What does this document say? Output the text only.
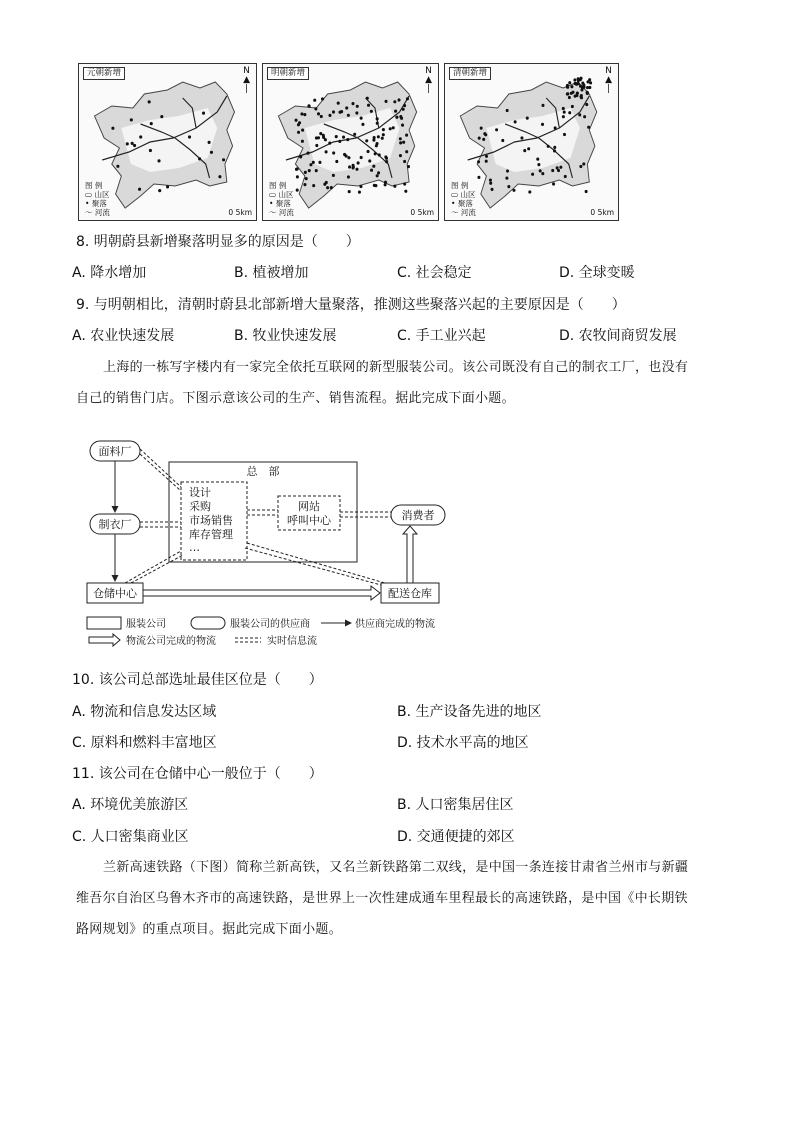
元朝新增	N
▲
|
图 例
▭ 山区
• 聚落
〜 河流	0 5km
明朝新增	N
▲
|
图 例
▭ 山区
• 聚落
〜 河流	0 5km
清朝新增	N
▲
|
图 例
▭ 山区
• 聚落
〜 河流	0 5km
8. 明朝蔚县新增聚落明显多的原因是（　　）
A. 降水增加	B. 植被增加	C. 社会稳定	D. 全球变暖
9. 与明朝相比，清朝时蔚县北部新增大量聚落，推测这些聚落兴起的主要原因是（　　）
A. 农业快速发展	B. 牧业快速发展	C. 手工业兴起	D. 农牧间商贸发展
上海的一栋写字楼内有一家完全依托互联网的新型服装公司。该公司既没有自己的制衣工厂，也没有
自己的销售门店。下图示意该公司的生产、销售流程。据此完成下面小题。
总　部
设计
采购
市场销售
库存管理
…
网站
呼叫中心
面料厂
制衣厂
消费者
仓储中心	配送仓库
服装公司	服装公司的供应商	供应商完成的物流
物流公司完成的物流	实时信息流
10. 该公司总部选址最佳区位是（　　）
A. 物流和信息发达区域	B. 生产设备先进的地区
C. 原料和燃料丰富地区	D. 技术水平高的地区
11. 该公司在仓储中心一般位于（　　）
A. 环境优美旅游区	B. 人口密集居住区
C. 人口密集商业区	D. 交通便捷的郊区
兰新高速铁路（下图）简称兰新高铁，又名兰新铁路第二双线，是中国一条连接甘肃省兰州市与新疆
维吾尔自治区乌鲁木齐市的高速铁路，是世界上一次性建成通车里程最长的高速铁路，是中国《中长期铁
路网规划》的重点项目。据此完成下面小题。
